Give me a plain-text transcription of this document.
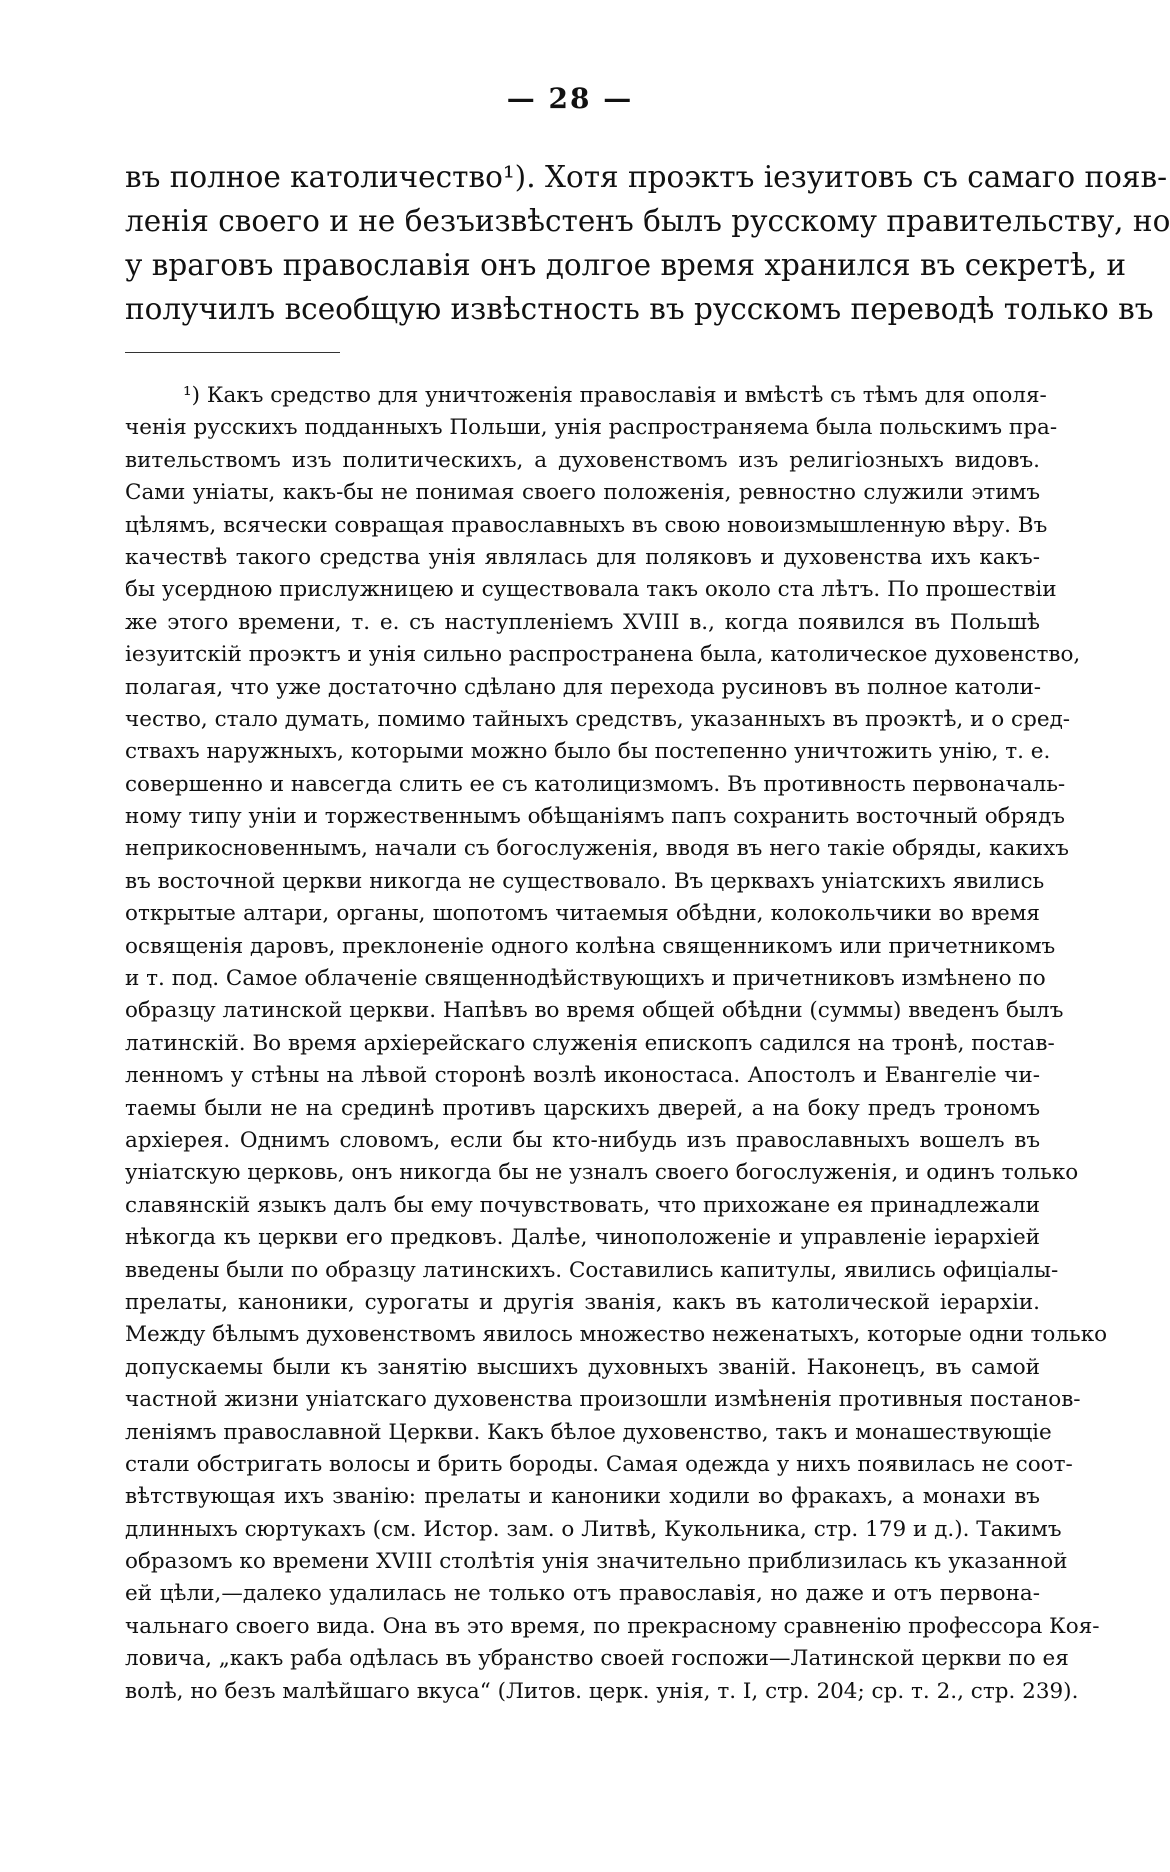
— 28 —
въ полное католичество¹). Хотя проэктъ iезуитовъ съ самаго появ-
ленiя своего и не безъизвѣстенъ былъ русскому правительству, но
у враговъ православiя онъ долгое время хранился въ секретѣ, и
получилъ всеобщую извѣстность въ русскомъ переводѣ только въ
¹) Какъ средство для уничтоженiя православiя и вмѣстѣ съ тѣмъ для ополя-
ченiя русскихъ подданныхъ Польши, унiя распространяема была польскимъ пра-
вительствомъ изъ политическихъ, а духовенствомъ изъ религiозныхъ видовъ.
Сами унiаты, какъ-бы не понимая своего положенiя, ревностно служили этимъ
цѣлямъ, всячески совращая православныхъ въ свою новоизмышленную вѣру. Въ
качествѣ такого средства унiя являлась для поляковъ и духовенства ихъ какъ-
бы усердною прислужницею и существовала такъ около ста лѣтъ. По прошествiи
же этого времени, т. е. съ наступленiемъ XVIII в., когда появился въ Польшѣ
iезуитскiй проэктъ и унiя сильно распространена была, католическое духовенство,
полагая, что уже достаточно сдѣлано для перехода русиновъ въ полное католи-
чество, стало думать, помимо тайныхъ средствъ, указанныхъ въ проэктѣ, и о сред-
ствахъ наружныхъ, которыми можно было бы постепенно уничтожить унiю, т. е.
совершенно и навсегда слить ее съ католицизмомъ. Въ противность первоначаль-
ному типу унiи и торжественнымъ обѣщанiямъ папъ сохранить восточный обрядъ
неприкосновеннымъ, начали съ богослуженiя, вводя въ него такiе обряды, какихъ
въ восточной церкви никогда не существовало. Въ церквахъ унiатскихъ явились
открытые алтари, органы, шопотомъ читаемыя обѣдни, колокольчики во время
освященiя даровъ, преклоненiе одного колѣна священникомъ или причетникомъ
и т. под. Самое облаченiе священнодѣйствующихъ и причетниковъ измѣнено по
образцу латинской церкви. Напѣвъ во время общей обѣдни (суммы) введенъ былъ
латинскiй. Во время архiерейскаго служенiя епископъ садился на тронѣ, постав-
ленномъ у стѣны на лѣвой сторонѣ возлѣ иконостаса. Апостолъ и Евангелiе чи-
таемы были не на срединѣ противъ царскихъ дверей, а на боку предъ трономъ
архiерея. Однимъ словомъ, если бы кто-нибудь изъ православныхъ вошелъ въ
унiатскую церковь, онъ никогда бы не узналъ своего богослуженiя, и одинъ только
славянскiй языкъ далъ бы ему почувствовать, что прихожане ея принадлежали
нѣкогда къ церкви его предковъ. Далѣе, чиноположенiе и управленiе iерархiей
введены были по образцу латинскихъ. Составились капитулы, явились офицiалы-
прелаты, каноники, сурогаты и другiя званiя, какъ въ католической iерархiи.
Между бѣлымъ духовенствомъ явилось множество неженатыхъ, которые одни только
допускаемы были къ занятiю высшихъ духовныхъ званiй. Наконецъ, въ самой
частной жизни унiатскаго духовенства произошли измѣненiя противныя постанов-
ленiямъ православной Церкви. Какъ бѣлое духовенство, такъ и монашествующiе
стали обстригать волосы и брить бороды. Самая одежда у нихъ появилась не соот-
вѣтствующая ихъ званiю: прелаты и каноники ходили во фракахъ, а монахи въ
длинныхъ сюртукахъ (см. Истор. зам. о Литвѣ, Кукольника, стр. 179 и д.). Такимъ
образомъ ко времени XVIII столѣтiя унiя значительно приблизилась къ указанной
ей цѣли,—далеко удалилась не только отъ православiя, но даже и отъ первона-
чальнаго своего вида. Она въ это время, по прекрасному сравненiю профессора Коя-
ловича, „какъ раба одѣлась въ убранство своей госпожи—Латинской церкви по ея
волѣ, но безъ малѣйшаго вкуса“ (Литов. церк. унiя, т. I, стр. 204; ср. т. 2., стр. 239).
